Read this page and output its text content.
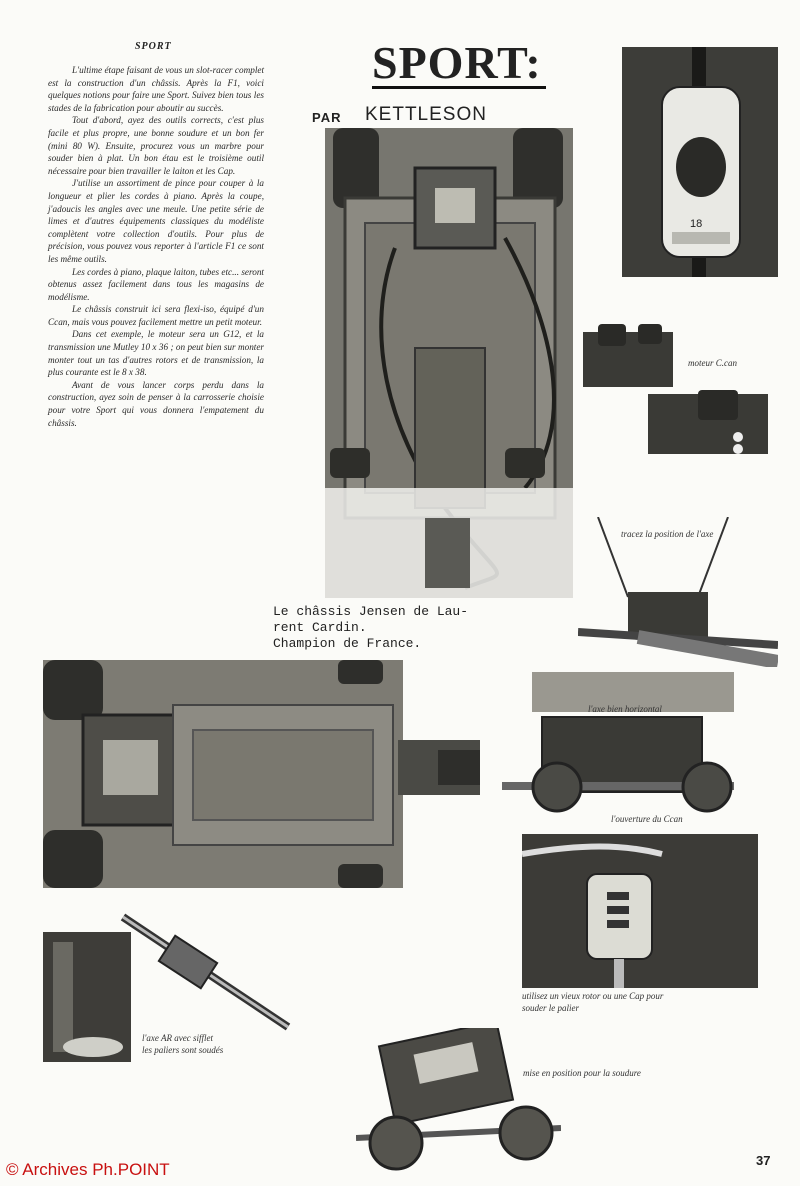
SPORT

L'ultime étape faisant de vous un slot-racer complet est la construction d'un châssis. Après la F1, voici quelques notions pour faire une Sport. Suivez bien tous les stades de la fabrication pour aboutir au succès.

Tout d'abord, ayez des outils corrects, c'est plus facile et plus propre, une bonne soudure et un bon fer (mini 80 W). Ensuite, procurez vous un marbre pour souder bien à plat. Un bon étau est le troisième outil nécessaire pour bien travailler le laiton et les Cap.

J'utilise un assortiment de pince pour couper à la longueur et plier les cordes à piano. Après la coupe, j'adoucis les angles avec une meule. Une petite série de limes et d'autres équipements classiques du modéliste complètent votre collection d'outils. Pour plus de précision, vous pouvez vous reporter à l'article F1 ce sont les même outils.

Les cordes à piano, plaque laiton, tubes etc... seront obtenus assez facilement dans tous les magasins de modélisme.

Le châssis construit ici sera flexi-iso, équipé d'un Ccan, mais vous pouvez facilement mettre un petit moteur.

Dans cet exemple, le moteur sera un G12, et la transmission une Mutley 10 x 36 ; on peut bien sur monter monter tout un tas d'autres rotors et de transmission, la plus courante est le 8 x 38.

Avant de vous lancer corps perdu dans la construction, ayez soin de penser à la carrosserie choisie pour votre Sport qui vous donnera l'empatement du châssis.

SPORT:
PAR KETTLESON
18
moteur C.can
tracez la position de l'axe
Le châssis Jensen de Lau-
rent Cardin.
Champion de France.
l'axe bien horizontal
l'ouverture du Ccan
utilisez un vieux rotor ou une Cap pour
souder le palier
l'axe AR avec sifflet
les paliers sont soudés
mise en position pour la soudure
© Archives Ph.POINT	37
